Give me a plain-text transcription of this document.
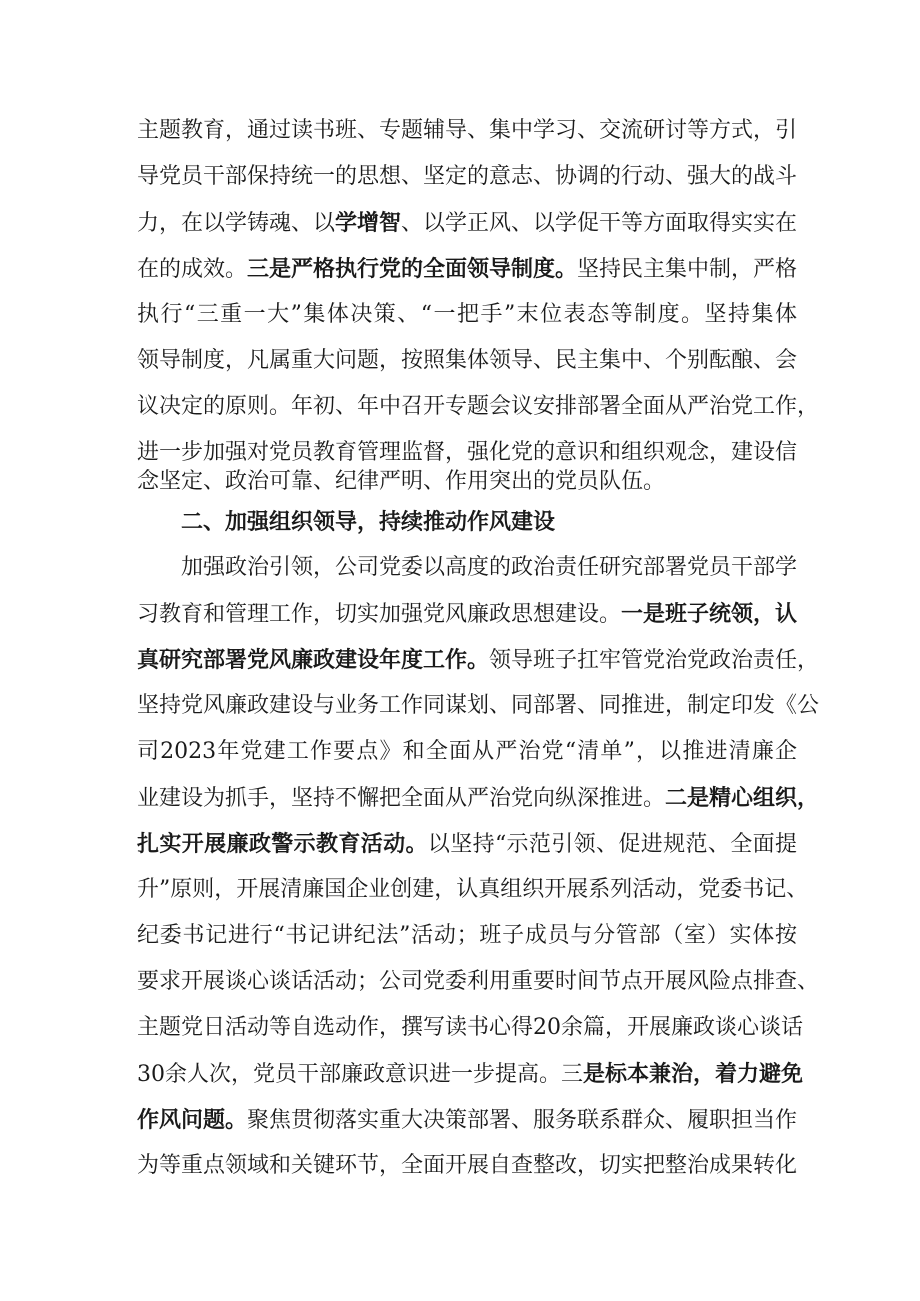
主题教育，通过读书班、专题辅导、集中学习、交流研讨等方式，引
导党员干部保持统一的思想、坚定的意志、协调的行动、强大的战斗
力，在以学铸魂、以学增智、以学正风、以学促干等方面取得实实在
在的成效。三是严格执行党的全面领导制度。坚持民主集中制，严格
执行“三重一大”集体决策、“一把手”末位表态等制度。坚持集体
领导制度，凡属重大问题，按照集体领导、民主集中、个别酝酿、会
议决定的原则。年初、年中召开专题会议安排部署全面从严治党工作，
进一步加强对党员教育管理监督，强化党的意识和组织观念，建设信
念坚定、政治可靠、纪律严明、作用突出的党员队伍。
二、加强组织领导，持续推动作风建设
加强政治引领，公司党委以高度的政治责任研究部署党员干部学
习教育和管理工作，切实加强党风廉政思想建设。一是班子统领，认
真研究部署党风廉政建设年度工作。领导班子扛牢管党治党政治责任，
坚持党风廉政建设与业务工作同谋划、同部署、同推进，制定印发《公
司2023年党建工作要点》和全面从严治党“清单”，以推进清廉企
业建设为抓手，坚持不懈把全面从严治党向纵深推进。二是精心组织，
扎实开展廉政警示教育活动。以坚持“示范引领、促进规范、全面提
升”原则，开展清廉国企业创建，认真组织开展系列活动，党委书记、
纪委书记进行“书记讲纪法”活动；班子成员与分管部（室）实体按
要求开展谈心谈话活动；公司党委利用重要时间节点开展风险点排查、
主题党日活动等自选动作，撰写读书心得20余篇，开展廉政谈心谈话
30余人次，党员干部廉政意识进一步提高。三是标本兼治，着力避免
作风问题。聚焦贯彻落实重大决策部署、服务联系群众、履职担当作
为等重点领域和关键环节，全面开展自查整改，切实把整治成果转化
